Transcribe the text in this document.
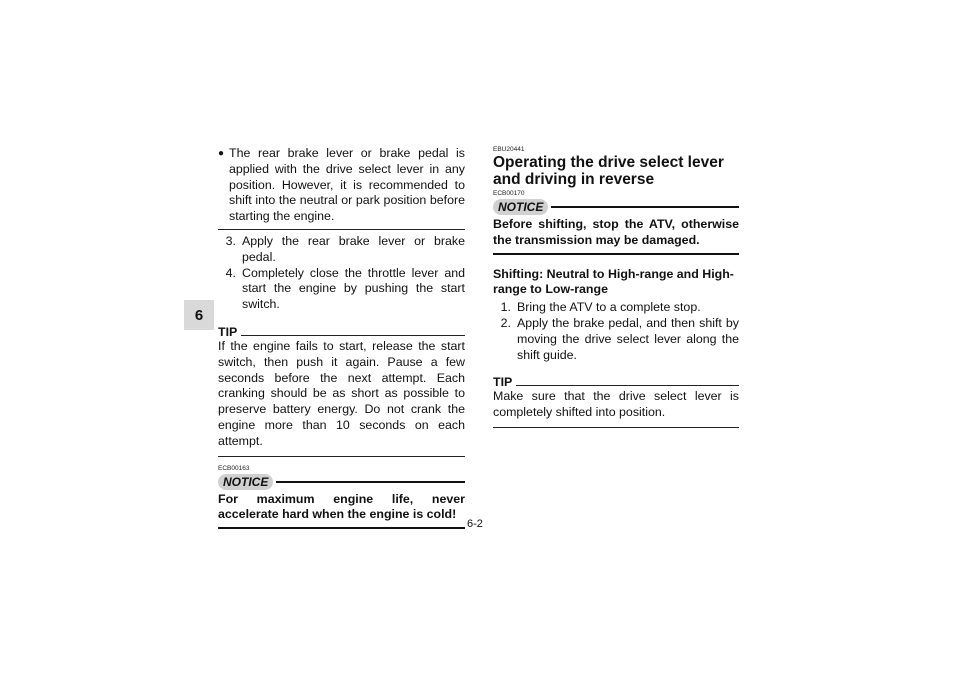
6
● The rear brake lever or brake pedal is applied with the drive select lever in any position. However, it is recommended to shift into the neutral or park position before starting the engine.
3. Apply the rear brake lever or brake pedal.
4. Completely close the throttle lever and start the engine by pushing the start switch.
TIP

If the engine fails to start, release the start switch, then push it again. Pause a few seconds before the next attempt. Each cranking should be as short as possible to preserve battery energy. Do not crank the engine more than 10 seconds on each attempt.

ECB00163
NOTICE

For maximum engine life, never accelerate hard when the engine is cold!

EBU20441
Operating the drive select lever and driving in reverse
ECB00170
NOTICE

Before shifting, stop the ATV, otherwise the transmission may be damaged.

Shifting: Neutral to High-range and High-range to Low-range

1. Bring the ATV to a complete stop.
2. Apply the brake pedal, and then shift by moving the drive select lever along the shift guide.
TIP

Make sure that the drive select lever is completely shifted into position.

6-2
